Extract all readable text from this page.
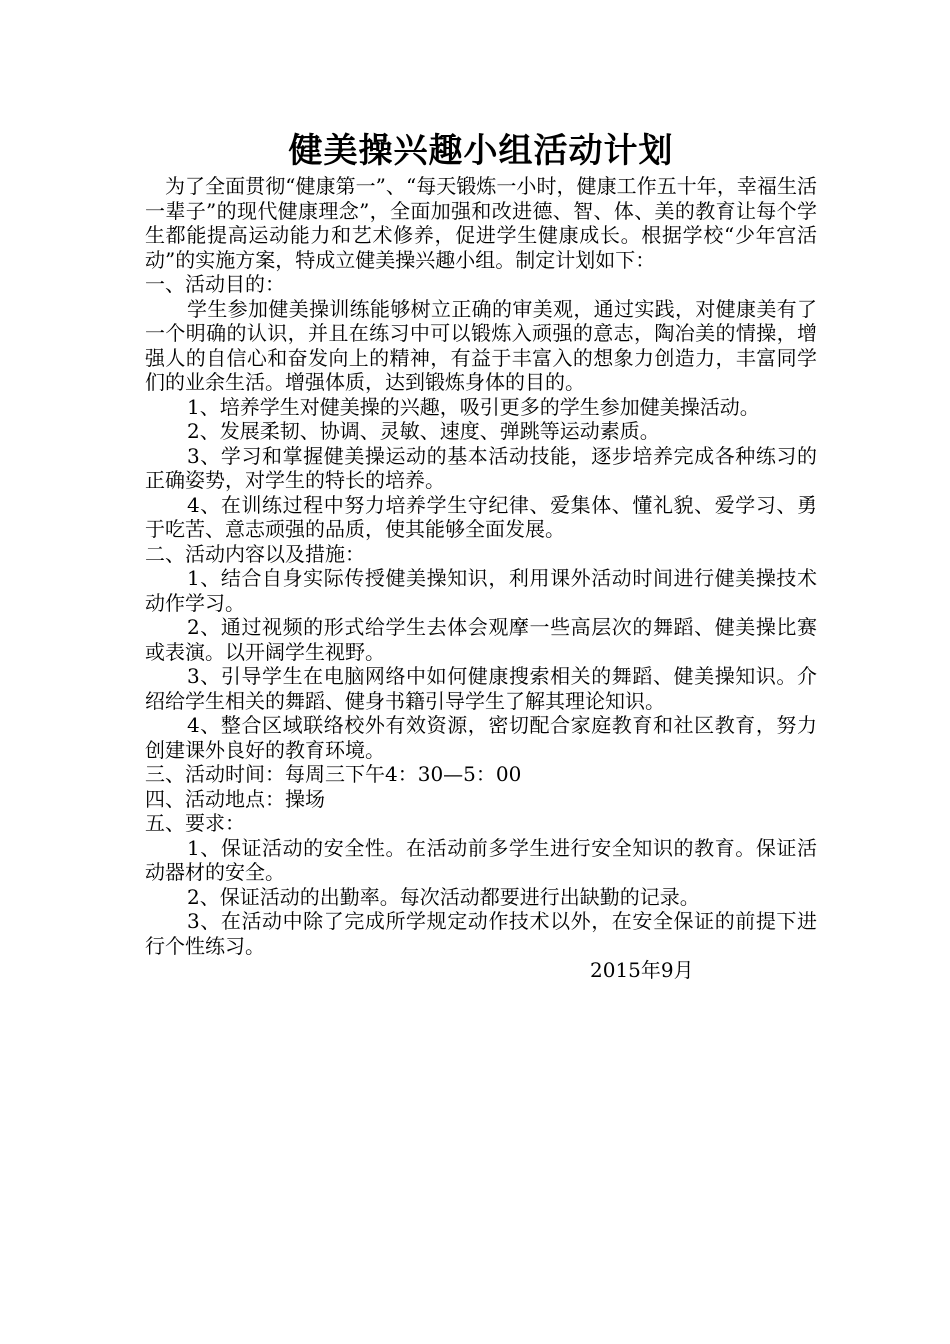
健美操兴趣小组活动计划

为了全面贯彻“健康第一”、“每天锻炼一小时，健康工作五十年，幸福生活一辈子”的现代健康理念”，全面加强和改进德、智、体、美的教育让每个学生都能提高运动能力和艺术修养，促进学生健康成长。根据学校“少年宫活动”的实施方案，特成立健美操兴趣小组。制定计划如下：

一、活动目的：

学生参加健美操训练能够树立正确的审美观，通过实践，对健康美有了一个明确的认识，并且在练习中可以锻炼入顽强的意志，陶冶美的情操，增强人的自信心和奋发向上的精神，有益于丰富入的想象力创造力，丰富同学们的业余生活。增强体质，达到锻炼身体的目的。

1、培养学生对健美操的兴趣，吸引更多的学生参加健美操活动。

2、发展柔韧、协调、灵敏、速度、弹跳等运动素质。

3、学习和掌握健美操运动的基本活动技能，逐步培养完成各种练习的正确姿势，对学生的特长的培养。

4、在训练过程中努力培养学生守纪律、爱集体、懂礼貌、爱学习、勇于吃苦、意志顽强的品质，使其能够全面发展。

二、活动内容以及措施：

1、结合自身实际传授健美操知识，利用课外活动时间进行健美操技术动作学习。

2、通过视频的形式给学生去体会观摩一些高层次的舞蹈、健美操比赛或表演。以开阔学生视野。

3、引导学生在电脑网络中如何健康搜索相关的舞蹈、健美操知识。介绍给学生相关的舞蹈、健身书籍引导学生了解其理论知识。

4、整合区域联络校外有效资源，密切配合家庭教育和社区教育，努力创建课外良好的教育环境。

三、活动时间：每周三下午4：30—5：00

四、活动地点：操场

五、要求：

1、保证活动的安全性。在活动前多学生进行安全知识的教育。保证活动器材的安全。

2、保证活动的出勤率。每次活动都要进行出缺勤的记录。

3、在活动中除了完成所学规定动作技术以外，在安全保证的前提下进行个性练习。

2015年9月
